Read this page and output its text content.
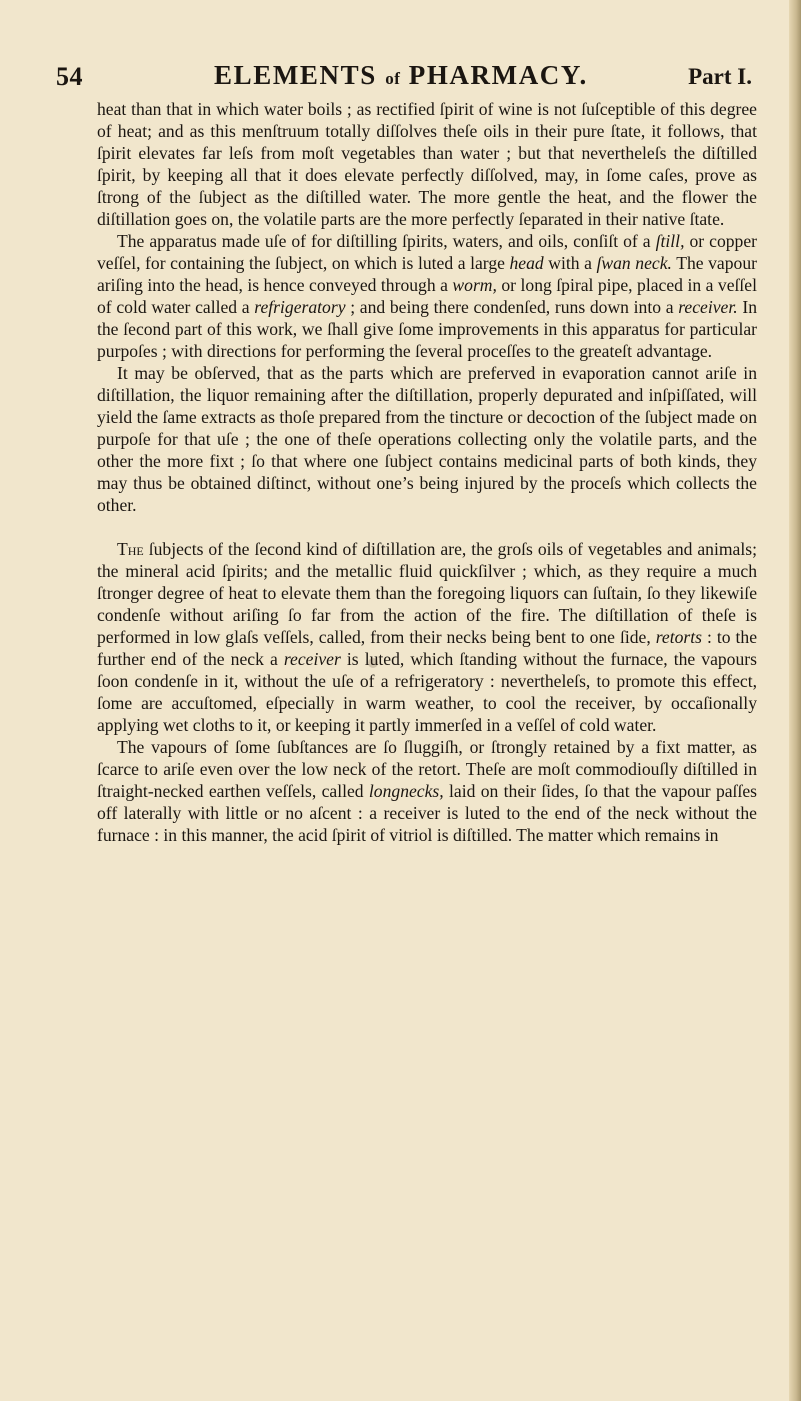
54	ELEMENTS of PHARMACY.	Part I.

heat than that in which water boils ; as rectified ſpirit of wine is not ſuſceptible of this degree of heat; and as this menſtruum totally diſſolves theſe oils in their pure ſtate, it follows, that ſpirit elevates far leſs from moſt vegetables than water ; but that nevertheleſs the diſtilled ſpirit, by keeping all that it does elevate perfectly diſſolved, may, in ſome caſes, prove as ſtrong of the ſubject as the diſtilled water. The more gentle the heat, and the flower the diſtillation goes on, the volatile parts are the more perfectly ſeparated in their native ſtate.

The apparatus made uſe of for diſtilling ſpirits, waters, and oils, conſiſt of a ſtill, or copper veſſel, for containing the ſubject, on which is luted a large head with a ſwan neck. The vapour ariſing into the head, is hence conveyed through a worm, or long ſpiral pipe, placed in a veſſel of cold water called a refrigeratory ; and being there condenſed, runs down into a receiver. In the ſecond part of this work, we ſhall give ſome improvements in this apparatus for particular purpoſes ; with directions for performing the ſeveral proceſſes to the greateſt advantage.

It may be obſerved, that as the parts which are preferved in evaporation cannot ariſe in diſtillation, the liquor remaining after the diſtillation, properly depurated and inſpiſſated, will yield the ſame extracts as thoſe prepared from the tincture or decoction of the ſubject made on purpoſe for that uſe ; the one of theſe operations collecting only the volatile parts, and the other the more fixt ; ſo that where one ſubject contains medicinal parts of both kinds, they may thus be obtained diſtinct, without one’s being injured by the proceſs which collects the other.

The ſubjects of the ſecond kind of diſtillation are, the groſs oils of vegetables and animals; the mineral acid ſpirits; and the metallic fluid quickſilver ; which, as they require a much ſtronger degree of heat to elevate them than the foregoing liquors can ſuſtain, ſo they likewiſe condenſe without ariſing ſo far from the action of the fire. The diſtillation of theſe is performed in low glaſs veſſels, called, from their necks being bent to one ſide, retorts : to the further end of the neck a receiver is luted, which ſtanding without the furnace, the vapours ſoon condenſe in it, without the uſe of a refrigeratory : nevertheleſs, to promote this effect, ſome are accuſtomed, eſpecially in warm weather, to cool the receiver, by occaſionally applying wet cloths to it, or keeping it partly immerſed in a veſſel of cold water.

The vapours of ſome ſubſtances are ſo ſluggiſh, or ſtrongly retained by a fixt matter, as ſcarce to ariſe even over the low neck of the retort. Theſe are moſt commodiouſly diſtilled in ſtraight-necked earthen veſſels, called longnecks, laid on their ſides, ſo that the vapour paſſes off laterally with little or no aſcent : a receiver is luted to the end of the neck without the furnace : in this manner, the acid ſpirit of vitriol is diſtilled. The matter which remains in
